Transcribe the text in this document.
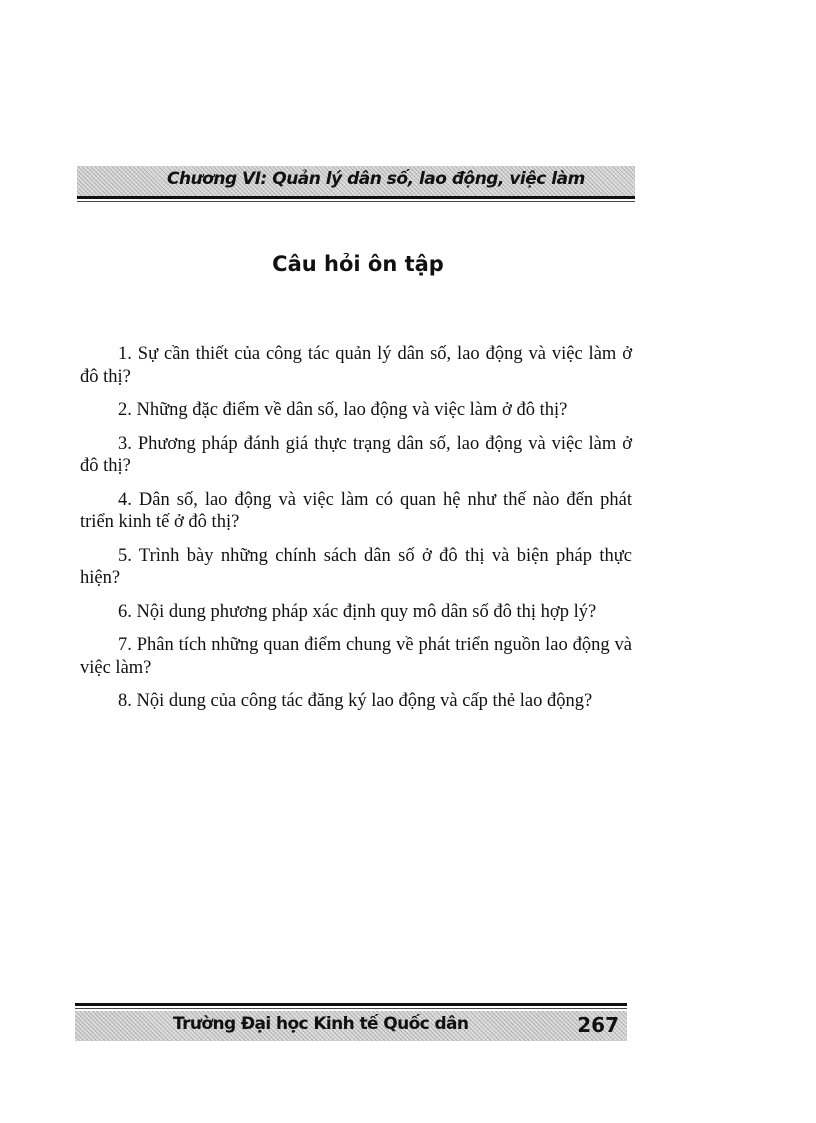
Chương VI: Quản lý dân số, lao động, việc làm
Câu hỏi ôn tập

1. Sự cần thiết của công tác quản lý dân số, lao động và việc làm ở đô thị?

2. Những đặc điểm về dân số, lao động và việc làm ở đô thị?

3. Phương pháp đánh giá thực trạng dân số, lao động và việc làm ở đô thị?

4. Dân số, lao động và việc làm có quan hệ như thế nào đến phát triển kinh tế ở đô thị?

5. Trình bày những chính sách dân số ở đô thị và biện pháp thực hiện?

6. Nội dung phương pháp xác định quy mô dân số đô thị hợp lý?

7. Phân tích những quan điểm chung về phát triển nguồn lao động và việc làm?

8. Nội dung của công tác đăng ký lao động và cấp thẻ lao động?

Trường Đại học Kinh tế Quốc dân	267
